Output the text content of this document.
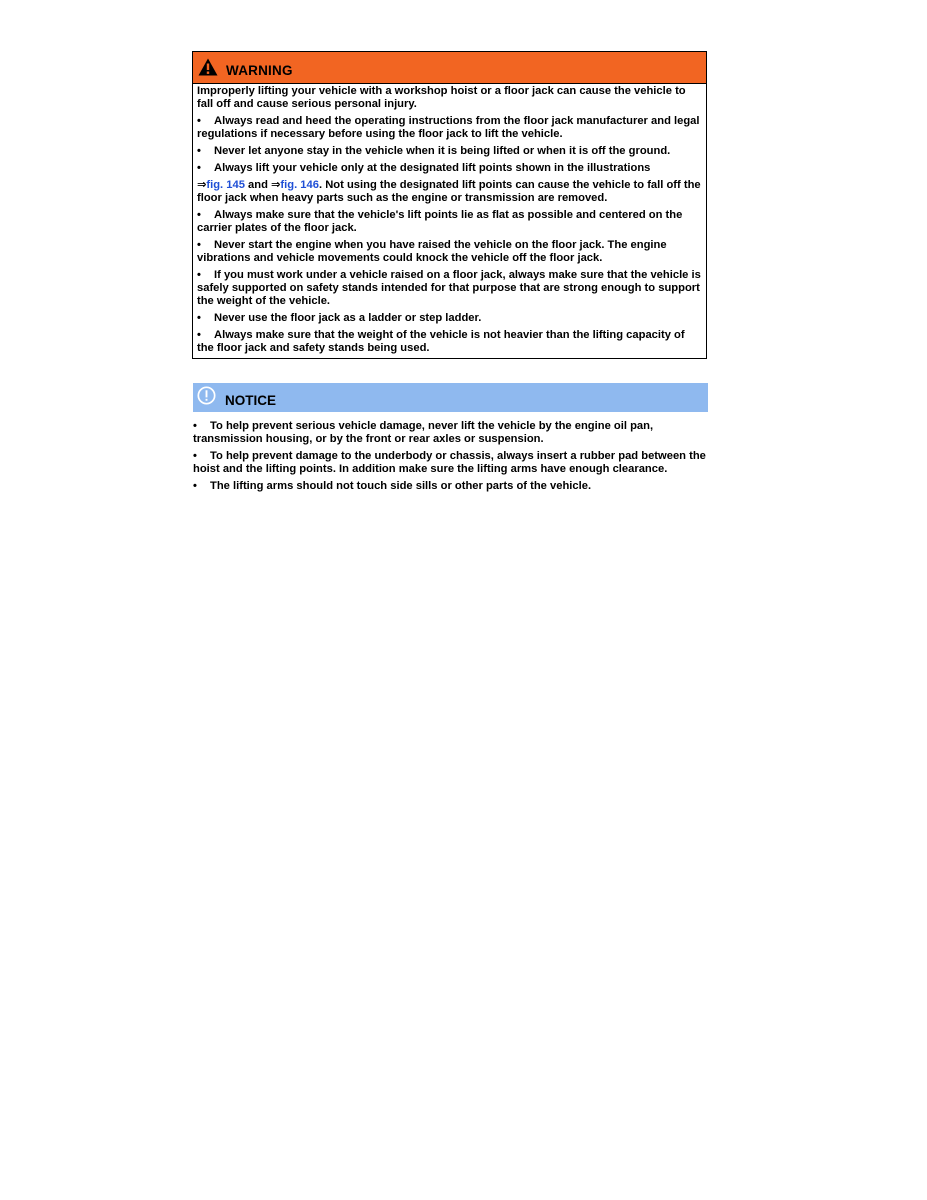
WARNING
Improperly lifting your vehicle with a workshop hoist or a floor jack can cause the vehicle to fall off and cause serious personal injury.
• Always read and heed the operating instructions from the floor jack manufacturer and legal regulations if necessary before using the floor jack to lift the vehicle.
• Never let anyone stay in the vehicle when it is being lifted or when it is off the ground.
• Always lift your vehicle only at the designated lift points shown in the illustrations
⇒fig. 145 and ⇒fig. 146. Not using the designated lift points can cause the vehicle to fall off the floor jack when heavy parts such as the engine or transmission are removed.
• Always make sure that the vehicle's lift points lie as flat as possible and centered on the carrier plates of the floor jack.
• Never start the engine when you have raised the vehicle on the floor jack. The engine vibrations and vehicle movements could knock the vehicle off the floor jack.
• If you must work under a vehicle raised on a floor jack, always make sure that the vehicle is safely supported on safety stands intended for that purpose that are strong enough to support the weight of the vehicle.
• Never use the floor jack as a ladder or step ladder.
• Always make sure that the weight of the vehicle is not heavier than the lifting capacity of the floor jack and safety stands being used.
NOTICE
• To help prevent serious vehicle damage, never lift the vehicle by the engine oil pan, transmission housing, or by the front or rear axles or suspension.
• To help prevent damage to the underbody or chassis, always insert a rubber pad between the hoist and the lifting points. In addition make sure the lifting arms have enough clearance.
• The lifting arms should not touch side sills or other parts of the vehicle.
